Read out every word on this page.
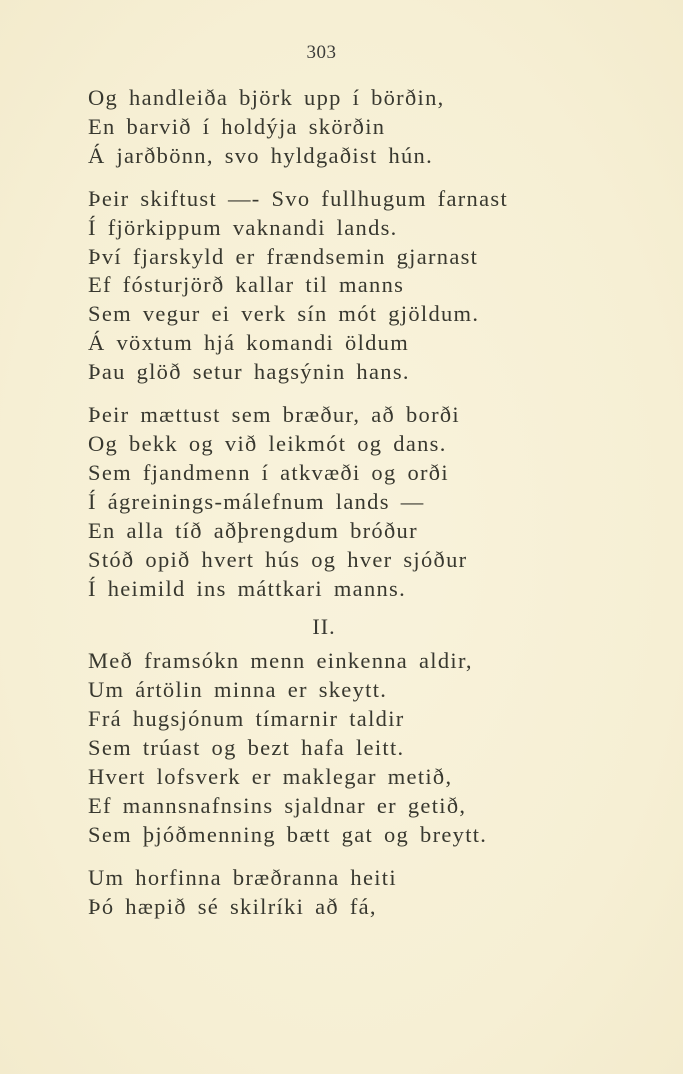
303
Og handleiða björk upp í börðin,
En barvið í holdýja skörðin
Á jarðbönn, svo hyldgaðist hún.
Þeir skiftust —- Svo fullhugum farnast
Í fjörkippum vaknandi lands.
Því fjarskyld er frændsemin gjarnast
Ef fósturjörð kallar til manns
Sem vegur ei verk sín mót gjöldum.
Á vöxtum hjá komandi öldum
Þau glöð setur hagsýnin hans.
Þeir mættust sem bræður, að borði
Og bekk og við leikmót og dans.
Sem fjandmenn í atkvæði og orði
Í ágreinings-málefnum lands —
En alla tíð aðþrengdum bróður
Stóð opið hvert hús og hver sjóður
Í heimild ins máttkari manns.
II.
Með framsókn menn einkenna aldir,
Um ártölin minna er skeytt.
Frá hugsjónum tímarnir taldir
Sem trúast og bezt hafa leitt.
Hvert lofsverk er maklegar metið,
Ef mannsnafnsins sjaldnar er getið,
Sem þjóðmenning bætt gat og breytt.
Um horfinna bræðranna heiti
Þó hæpið sé skilríki að fá,
